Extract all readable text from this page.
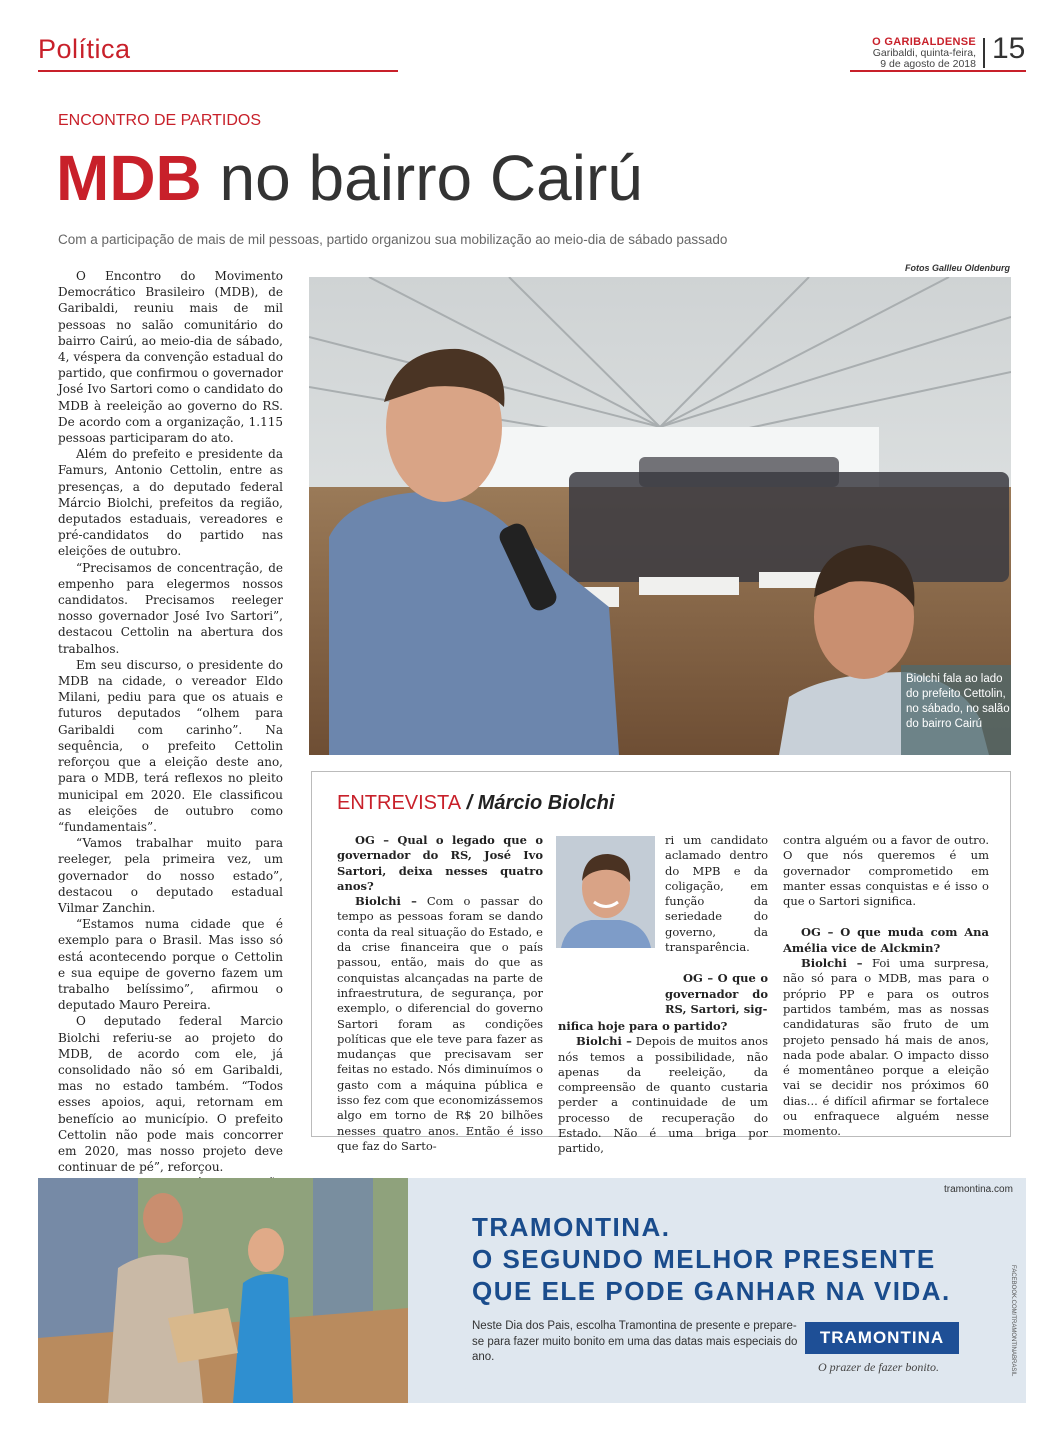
Política	O GARIBALDENSE
Garibaldi, quinta-feira,
9 de agosto de 2018 15
ENCONTRO DE PARTIDOS
MDB no bairro Cairú
Com a participação de mais de mil pessoas, partido organizou sua mobilização ao meio-dia de sábado passado

O Encontro do Movimento Democrático Brasileiro (MDB), de Garibaldi, reuniu mais de mil pessoas no salão comunitário do bairro Cairú, ao meio-dia de sábado, 4, véspera da convenção estadual do partido, que confirmou o governador José Ivo Sartori como o candidato do MDB à reeleição ao governo do RS. De acordo com a organização, 1.115 pessoas participaram do ato.

Além do prefeito e presidente da Famurs, Antonio Cettolin, entre as presenças, a do deputado federal Márcio Biolchi, prefeitos da região, deputados estaduais, vereadores e pré-candidatos do partido nas eleições de outubro.

“Precisamos de concentração, de empenho para elegermos nossos candidatos. Precisamos reeleger nosso governador José Ivo Sartori”, destacou Cettolin na abertura dos trabalhos.

Em seu discurso, o presidente do MDB na cidade, o vereador Eldo Milani, pediu para que os atuais e futuros deputados “olhem para Garibaldi com carinho”. Na sequência, o prefeito Cettolin reforçou que a eleição deste ano, para o MDB, terá reflexos no pleito municipal em 2020. Ele classificou as eleições de outubro como “fundamentais”.

“Vamos trabalhar muito para reeleger, pela primeira vez, um governador do nosso estado”, destacou o deputado estadual Vilmar Zanchin.

“Estamos numa cidade que é exemplo para o Brasil. Mas isso só está acontecendo porque o Cettolin e sua equipe de governo fazem um trabalho belíssimo”, afirmou o deputado Mauro Pereira.

O deputado federal Marcio Biolchi referiu-se ao projeto do MDB, de acordo com ele, já consolidado não só em Garibaldi, mas no estado também. “Todos esses apoios, aqui, retornam em benefício ao município. O prefeito Cettolin não pode mais concorrer em 2020, mas nosso projeto deve continuar de pé”, reforçou.

Fotos Gallleu Oldenburg
Biolchi fala ao lado do prefeito Cettolin, no sábado, no salão do bairro Cairú
ENTREVISTA / Márcio Biolchi

OG – Qual o legado que o governador do RS, José Ivo Sartori, deixa nesses quatro anos?

Biolchi – Com o passar do tempo as pessoas foram se dando conta da real situação do Estado, e da crise financeira que o país passou, então, mais do que as conquistas alcançadas na parte de infraestrutura, de segurança, por exemplo, o diferencial do governo Sartori foram as condições políticas que ele teve para fazer as mudanças que precisavam ser feitas no estado. Nós diminuímos o gasto com a máquina pública e isso fez com que economizássemos algo em torno de R$ 20 bilhões nesses quatro anos. Então é isso que faz do Sarto-

ri um candidato aclamado dentro do MPB e da coligação, em função da seriedade do governo, da transparência.

OG – O que o governador do RS, Sartori, sig-

nifica hoje para o partido?

Biolchi – Depois de muitos anos nós temos a possibilidade, não apenas da reeleição, da compreensão de quanto custaria perder a continuidade de um processo de recuperação do Estado. Não é uma briga por partido,

contra alguém ou a favor de outro. O que nós queremos é um governador comprometido em manter essas conquistas e é isso o que o Sartori significa.

OG – O que muda com Ana Amélia vice de Alckmin?

Biolchi – Foi uma surpresa, não só para o MDB, mas para o próprio PP e para os outros partidos também, mas as nossas candidaturas são fruto de um projeto pensado há mais de anos, nada pode abalar. O impacto disso é momentâneo porque a eleição vai se decidir nos próximos 60 dias... é difícil afirmar se fortalece ou enfraquece alguém nesse momento.

tramontina.com
TRAMONTINA.
O SEGUNDO MELHOR PRESENTE
QUE ELE PODE GANHAR NA VIDA.
Neste Dia dos Pais, escolha Tramontina de presente e prepare-se para fazer muito bonito em uma das datas mais especiais do ano.
TRAMONTINA
O prazer de fazer bonito.	FACEBOOK.COM/TRAMONTINABRASIL
